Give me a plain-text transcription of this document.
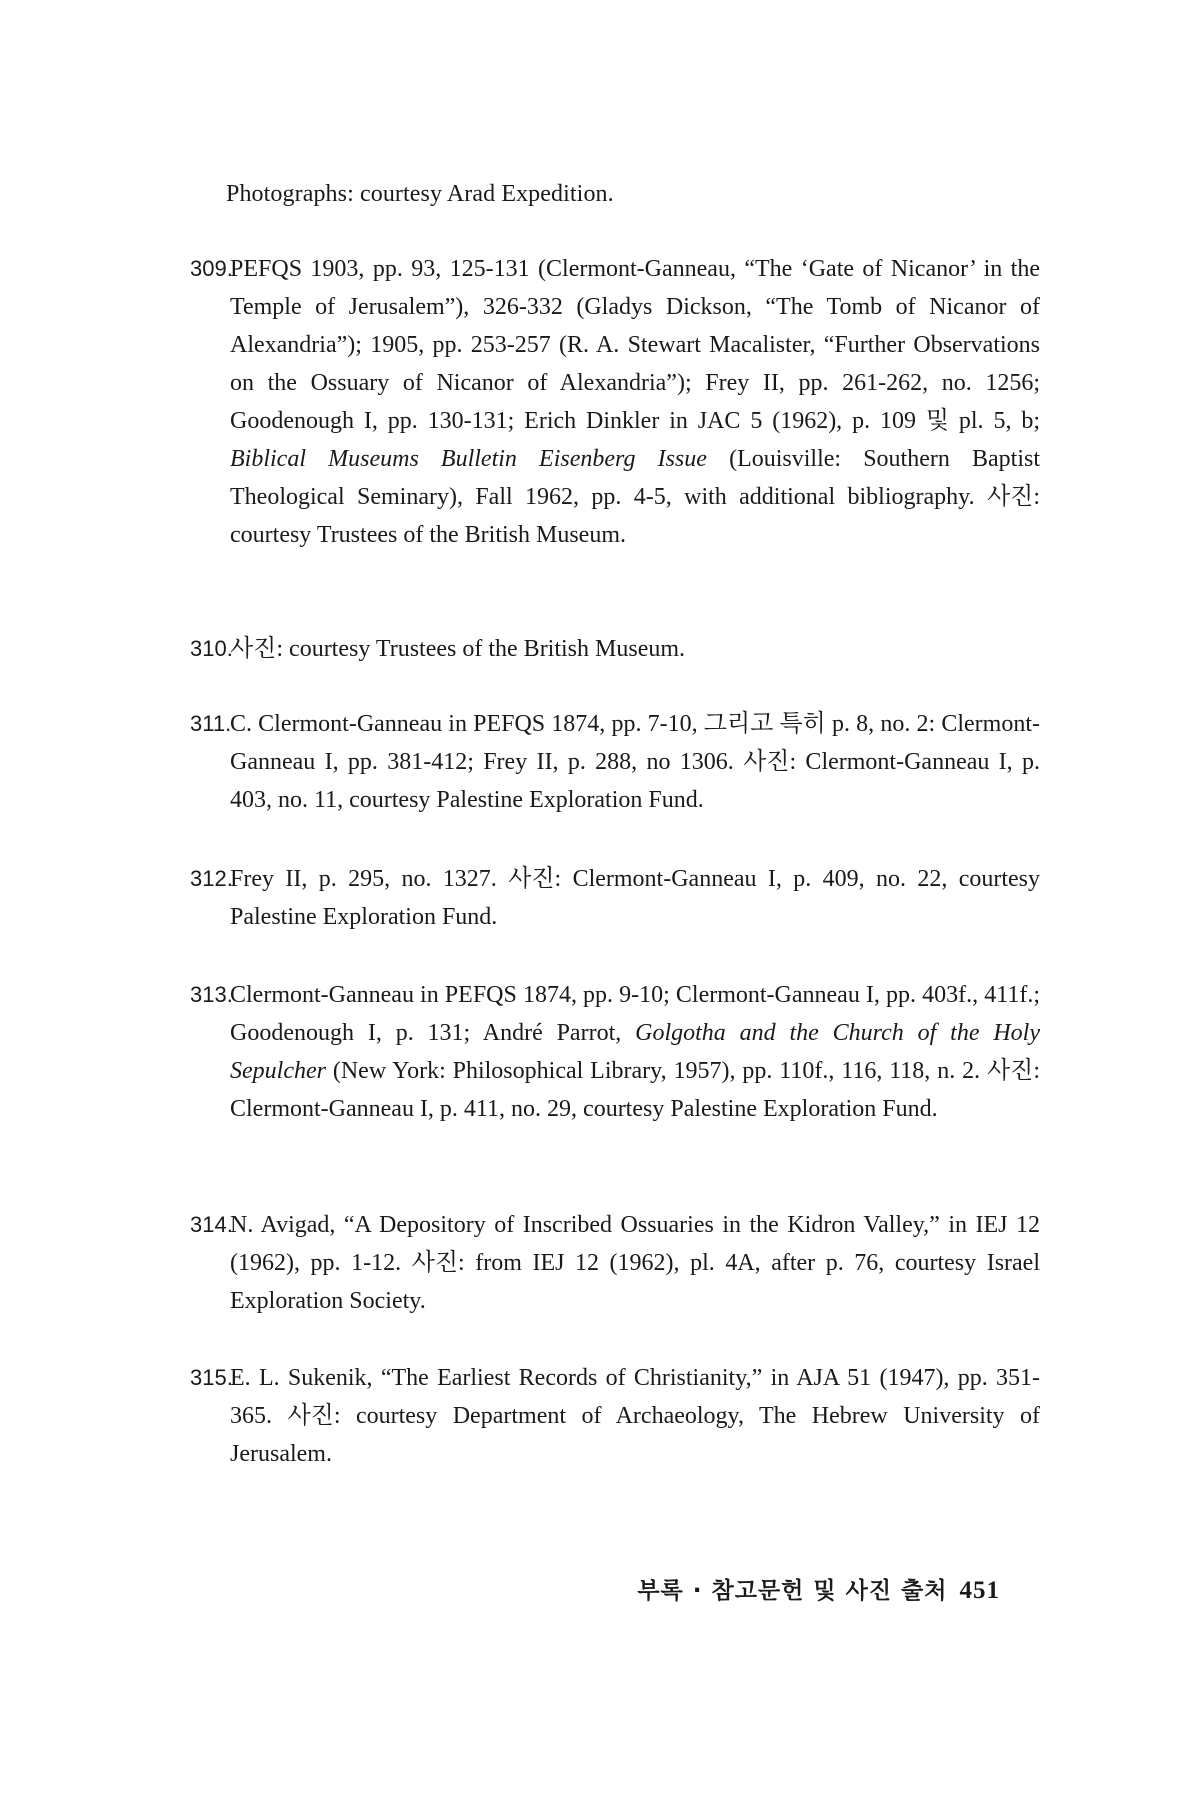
Photographs: courtesy Arad Expedition.
309.
PEFQS 1903, pp. 93, 125-131 (Clermont-Ganneau, “The ‘Gate of Nicanor’ in the Temple of Jerusalem”), 326-332 (Gladys Dickson, “The Tomb of Nicanor of Alexandria”); 1905, pp. 253-257 (R. A. Stewart Macalister, “Further Observations on the Ossuary of Nicanor of Alexandria”); Frey II, pp. 261-262, no. 1256; Goodenough I, pp. 130-131; Erich Dinkler in JAC 5 (1962), p. 109 및 pl. 5, b; Biblical Museums Bulletin Eisenberg Issue (Louisville: Southern Baptist Theological Seminary), Fall 1962, pp. 4-5, with additional bibliography. 사진: courtesy Trustees of the British Museum.
310.
사진: courtesy Trustees of the British Museum.
311.
C. Clermont-Ganneau in PEFQS 1874, pp. 7-10, 그리고 특히 p. 8, no. 2: Clermont-Ganneau I, pp. 381-412; Frey II, p. 288, no 1306. 사진: Clermont-Ganneau I, p. 403, no. 11, courtesy Palestine Exploration Fund.
312.
Frey II, p. 295, no. 1327. 사진: Clermont-Ganneau I, p. 409, no. 22, courtesy Palestine Exploration Fund.
313.
Clermont-Ganneau in PEFQS 1874, pp. 9-10; Clermont-Ganneau I, pp. 403f., 411f.; Goodenough I, p. 131; André Parrot, Golgotha and the Church of the Holy Sepulcher (New York: Philosophical Library, 1957), pp. 110f., 116, 118, n. 2. 사진: Clermont-Ganneau I, p. 411, no. 29, courtesy Palestine Exploration Fund.
314.
N. Avigad, “A Depository of Inscribed Ossuaries in the Kidron Valley,” in IEJ 12 (1962), pp. 1-12. 사진: from IEJ 12 (1962), pl. 4A, after p. 76, courtesy Israel Exploration Society.
315.
E. L. Sukenik, “The Earliest Records of Christianity,” in AJA 51 (1947), pp. 351-365. 사진: courtesy Department of Archaeology, The Hebrew University of Jerusalem.
부록 · 참고문헌 및 사진 출처 451
